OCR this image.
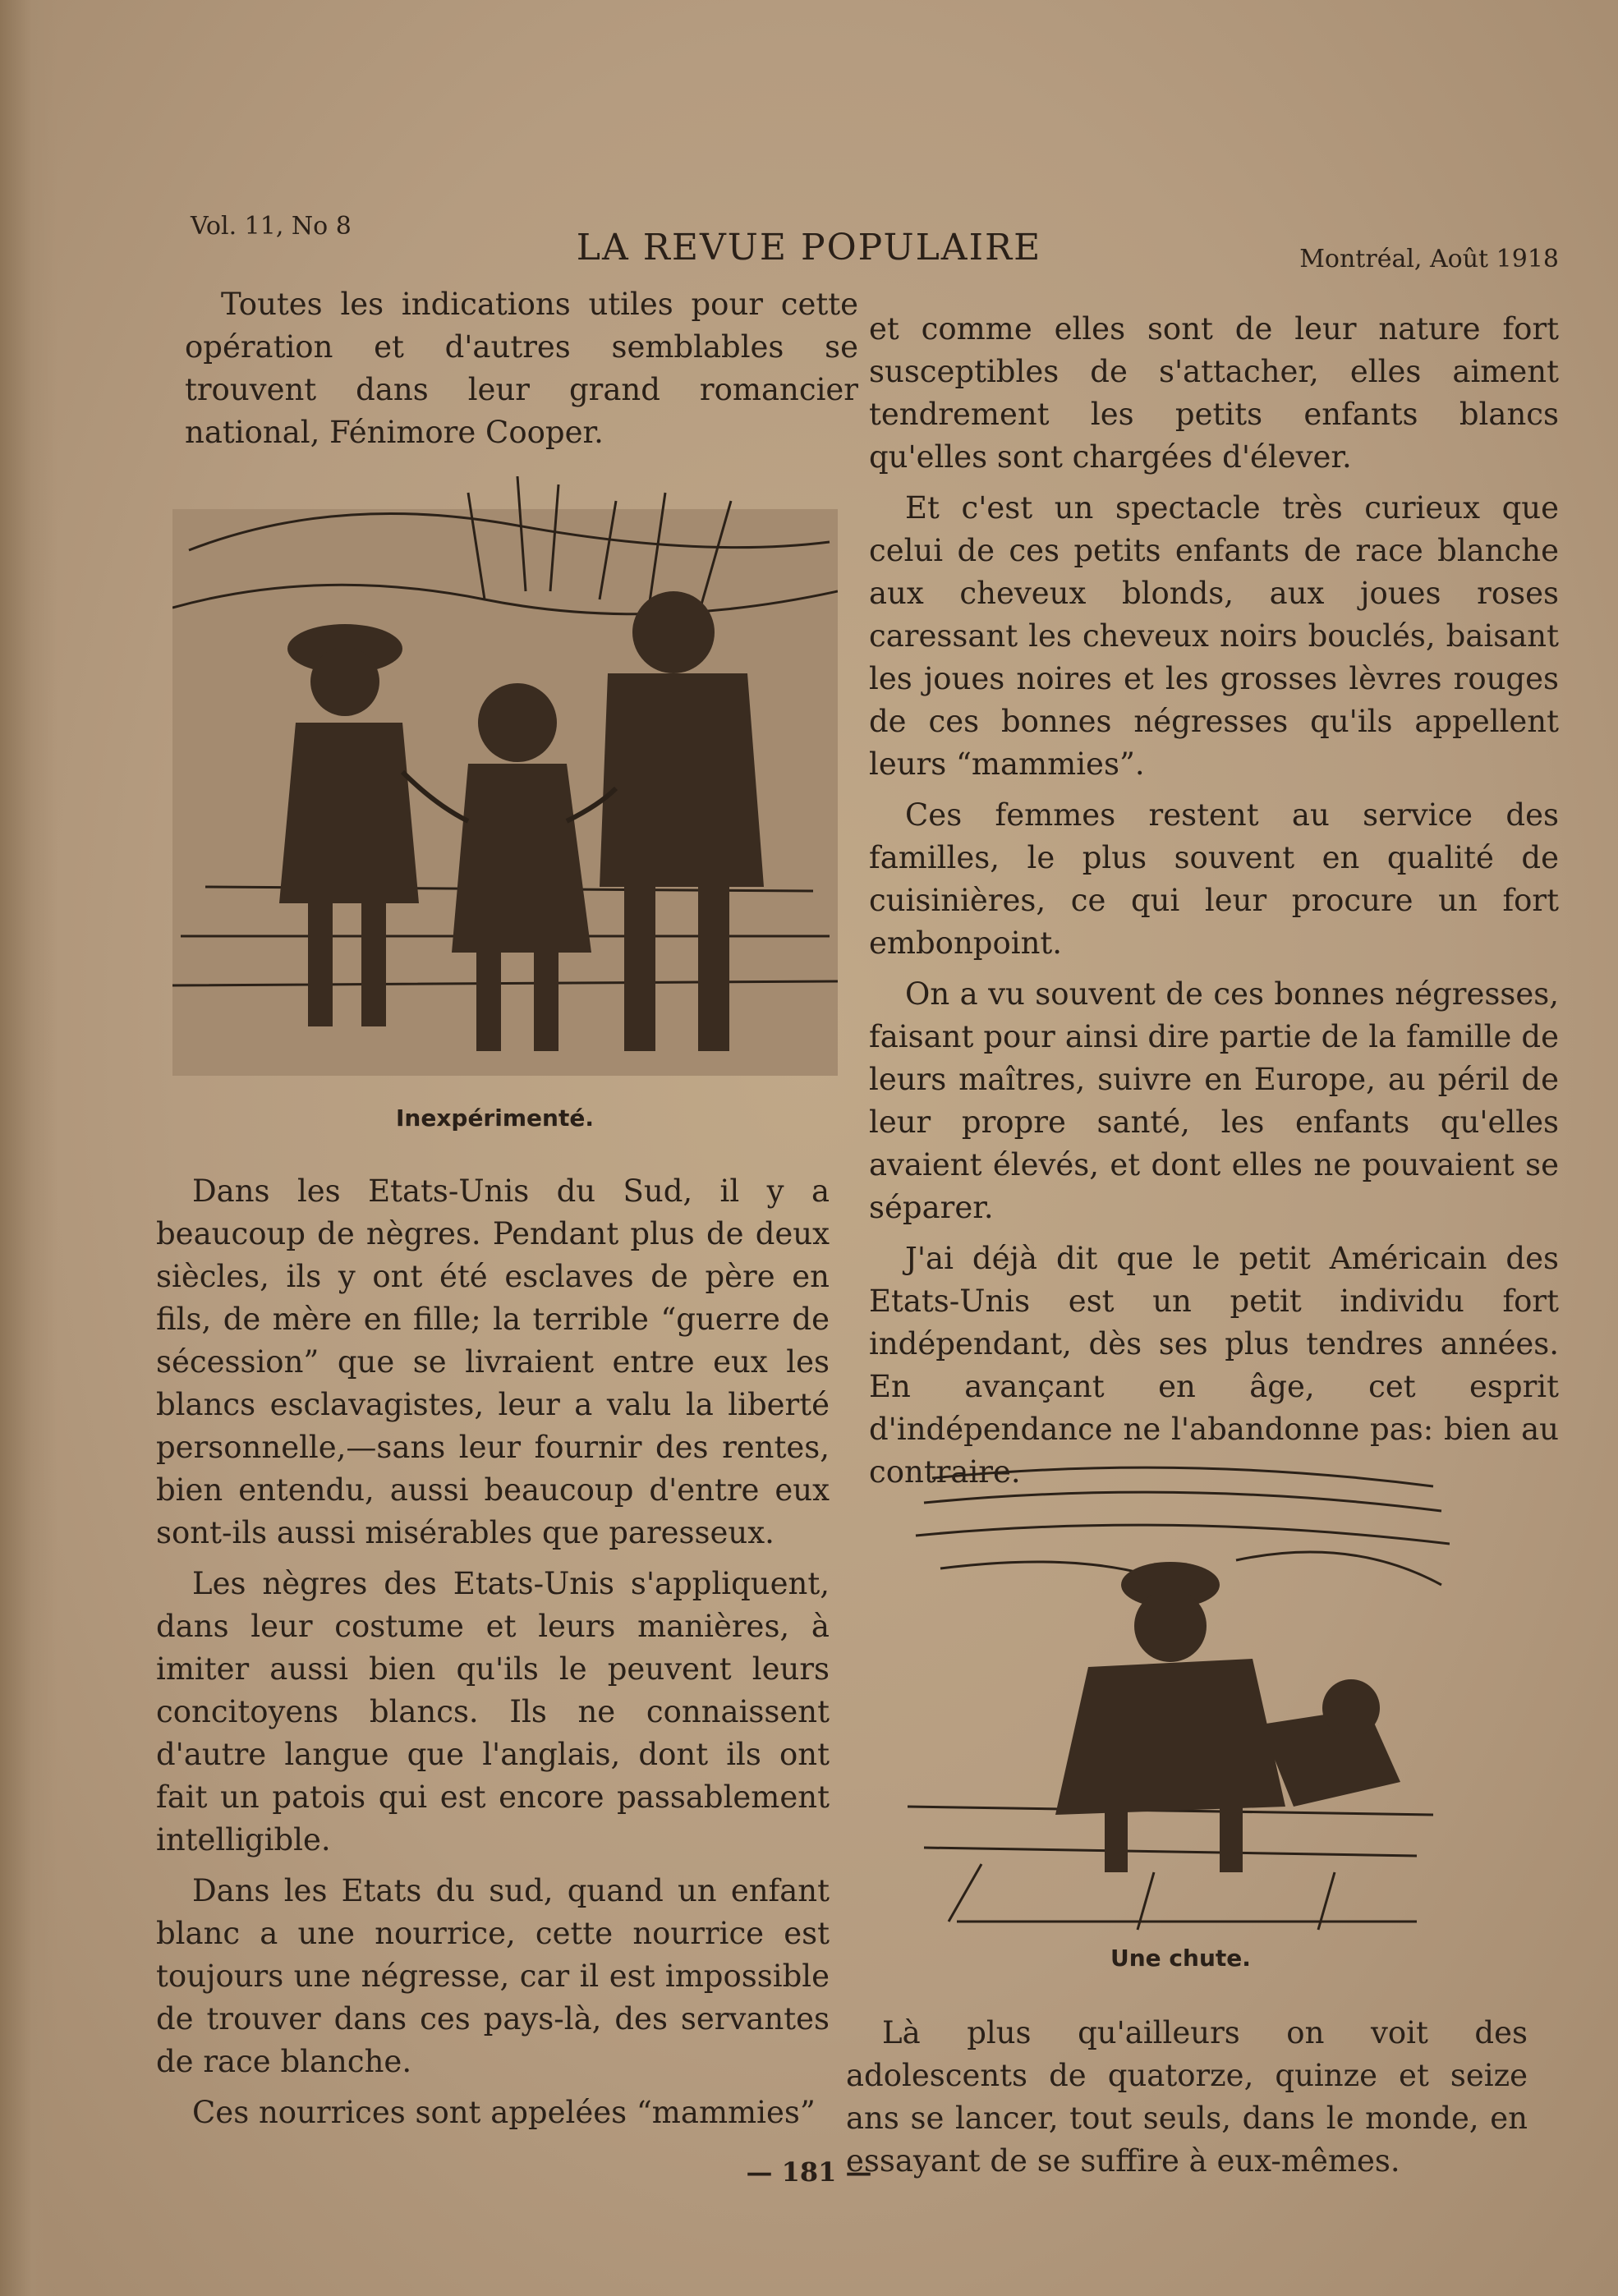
Vol. 11, No 8
LA REVUE POPULAIRE	Montréal, Août 1918

Toutes les indications utiles pour cette opération et d'autres semblables se trouvent dans leur grand romancier national, Fénimore Cooper.

Inexpérimenté.

Dans les Etats-Unis du Sud, il y a beaucoup de nègres. Pendant plus de deux siècles, ils y ont été esclaves de père en fils, de mère en fille; la terrible “guerre de sécession” que se livraient entre eux les blancs esclavagistes, leur a valu la liberté personnelle,—sans leur fournir des rentes, bien entendu, aussi beaucoup d'entre eux sont-ils aussi misérables que paresseux.

Les nègres des Etats-Unis s'appliquent, dans leur costume et leurs manières, à imiter aussi bien qu'ils le peuvent leurs concitoyens blancs. Ils ne connaissent d'autre langue que l'anglais, dont ils ont fait un patois qui est encore passablement intelligible.

Dans les Etats du sud, quand un enfant blanc a une nourrice, cette nourrice est toujours une négresse, car il est impossible de trouver dans ces pays-là, des servantes de race blanche.

Ces nourrices sont appelées “mammies”

et comme elles sont de leur nature fort susceptibles de s'attacher, elles aiment tendrement les petits enfants blancs qu'elles sont chargées d'élever.

Et c'est un spectacle très curieux que celui de ces petits enfants de race blanche aux cheveux blonds, aux joues roses caressant les cheveux noirs bouclés, baisant les joues noires et les grosses lèvres rouges de ces bonnes négresses qu'ils appellent leurs “mammies”.

Ces femmes restent au service des familles, le plus souvent en qualité de cuisinières, ce qui leur procure un fort embonpoint.

On a vu souvent de ces bonnes négresses, faisant pour ainsi dire partie de la famille de leurs maîtres, suivre en Europe, au péril de leur propre santé, les enfants qu'elles avaient élevés, et dont elles ne pouvaient se séparer.

J'ai déjà dit que le petit Américain des Etats-Unis est un petit individu fort indépendant, dès ses plus tendres années. En avançant en âge, cet esprit d'indépendance ne l'abandonne pas: bien au contraire.

Une chute.

Là plus qu'ailleurs on voit des adolescents de quatorze, quinze et seize ans se lancer, tout seuls, dans le monde, en essayant de se suffire à eux-mêmes.

— 181 —
